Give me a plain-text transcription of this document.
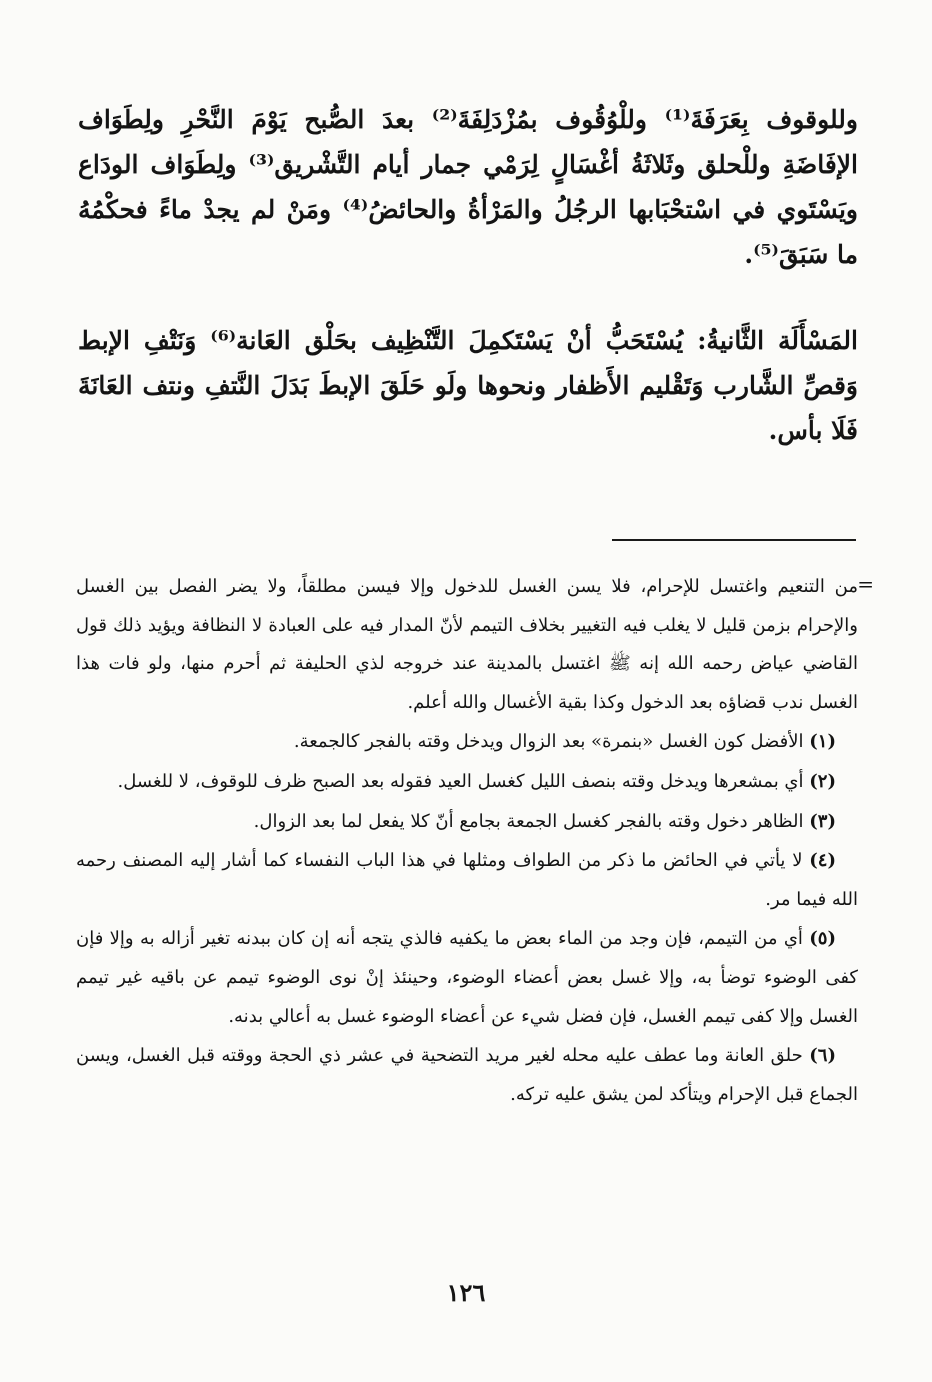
وللوقوف بِعَرَفَةَ⁽¹⁾ وللْوُقُوف بمُزْدَلِفَةَ⁽²⁾ بعدَ الصُّبح يَوْمَ النَّحْرِ ولِطَوَاف الإفَاضَةِ وللْحلق وثَلاثَةُ أغْسَالٍ لِرَمْي جمار أيام التَّشْريق⁽³⁾ ولِطَوَاف الودَاع ويَسْتَوي في اسْتحْبَابها الرجُلُ والمَرْأةُ والحائضُ⁽⁴⁾ ومَنْ لم يجدْ ماءً فحكْمُهُ ما سَبَقَ⁽⁵⁾.

المَسْأَلَة الثَّانيةُ: يُسْتَحَبُّ أنْ يَسْتَكمِلَ التَّنْظِيف بحَلْق العَانة⁽⁶⁾ وَنَتْفِ الإبط وَقصِّ الشَّارب وَتَقْليم الأَظفار ونحوها ولَو حَلَقَ الإبطَ بَدَلَ النَّتفِ ونتف العَانَةَ فَلَا بأس.

=

من التنعيم واغتسل للإحرام، فلا يسن الغسل للدخول وإلا فيسن مطلقاً، ولا يضر الفصل بين الغسل والإحرام بزمن قليل لا يغلب فيه التغيير بخلاف التيمم لأنّ المدار فيه على العبادة لا النظافة ويؤيد ذلك قول القاضي عياض رحمه الله إنه ﷺ اغتسل بالمدينة عند خروجه لذي الحليفة ثم أحرم منها، ولو فات هذا الغسل ندب قضاؤه بعد الدخول وكذا بقية الأغسال والله أعلم.

(١) الأفضل كون الغسل «بنمرة» بعد الزوال ويدخل وقته بالفجر كالجمعة.

(٢) أي بمشعرها ويدخل وقته بنصف الليل كغسل العيد فقوله بعد الصبح ظرف للوقوف، لا للغسل.

(٣) الظاهر دخول وقته بالفجر كغسل الجمعة بجامع أنّ كلا يفعل لما بعد الزوال.

(٤) لا يأتي في الحائض ما ذكر من الطواف ومثلها في هذا الباب النفساء كما أشار إليه المصنف رحمه الله فيما مر.

(٥) أي من التيمم، فإن وجد من الماء بعض ما يكفيه فالذي يتجه أنه إن كان ببدنه تغير أزاله به وإلا فإن كفى الوضوء توضأ به، وإلا غسل بعض أعضاء الوضوء، وحينئذ إنْ نوى الوضوء تيمم عن باقيه غير تيمم الغسل وإلا كفى تيمم الغسل، فإن فضل شيء عن أعضاء الوضوء غسل به أعالي بدنه.

(٦) حلق العانة وما عطف عليه محله لغير مريد التضحية في عشر ذي الحجة ووقته قبل الغسل، ويسن الجماع قبل الإحرام ويتأكد لمن يشق عليه تركه.

١٢٦
